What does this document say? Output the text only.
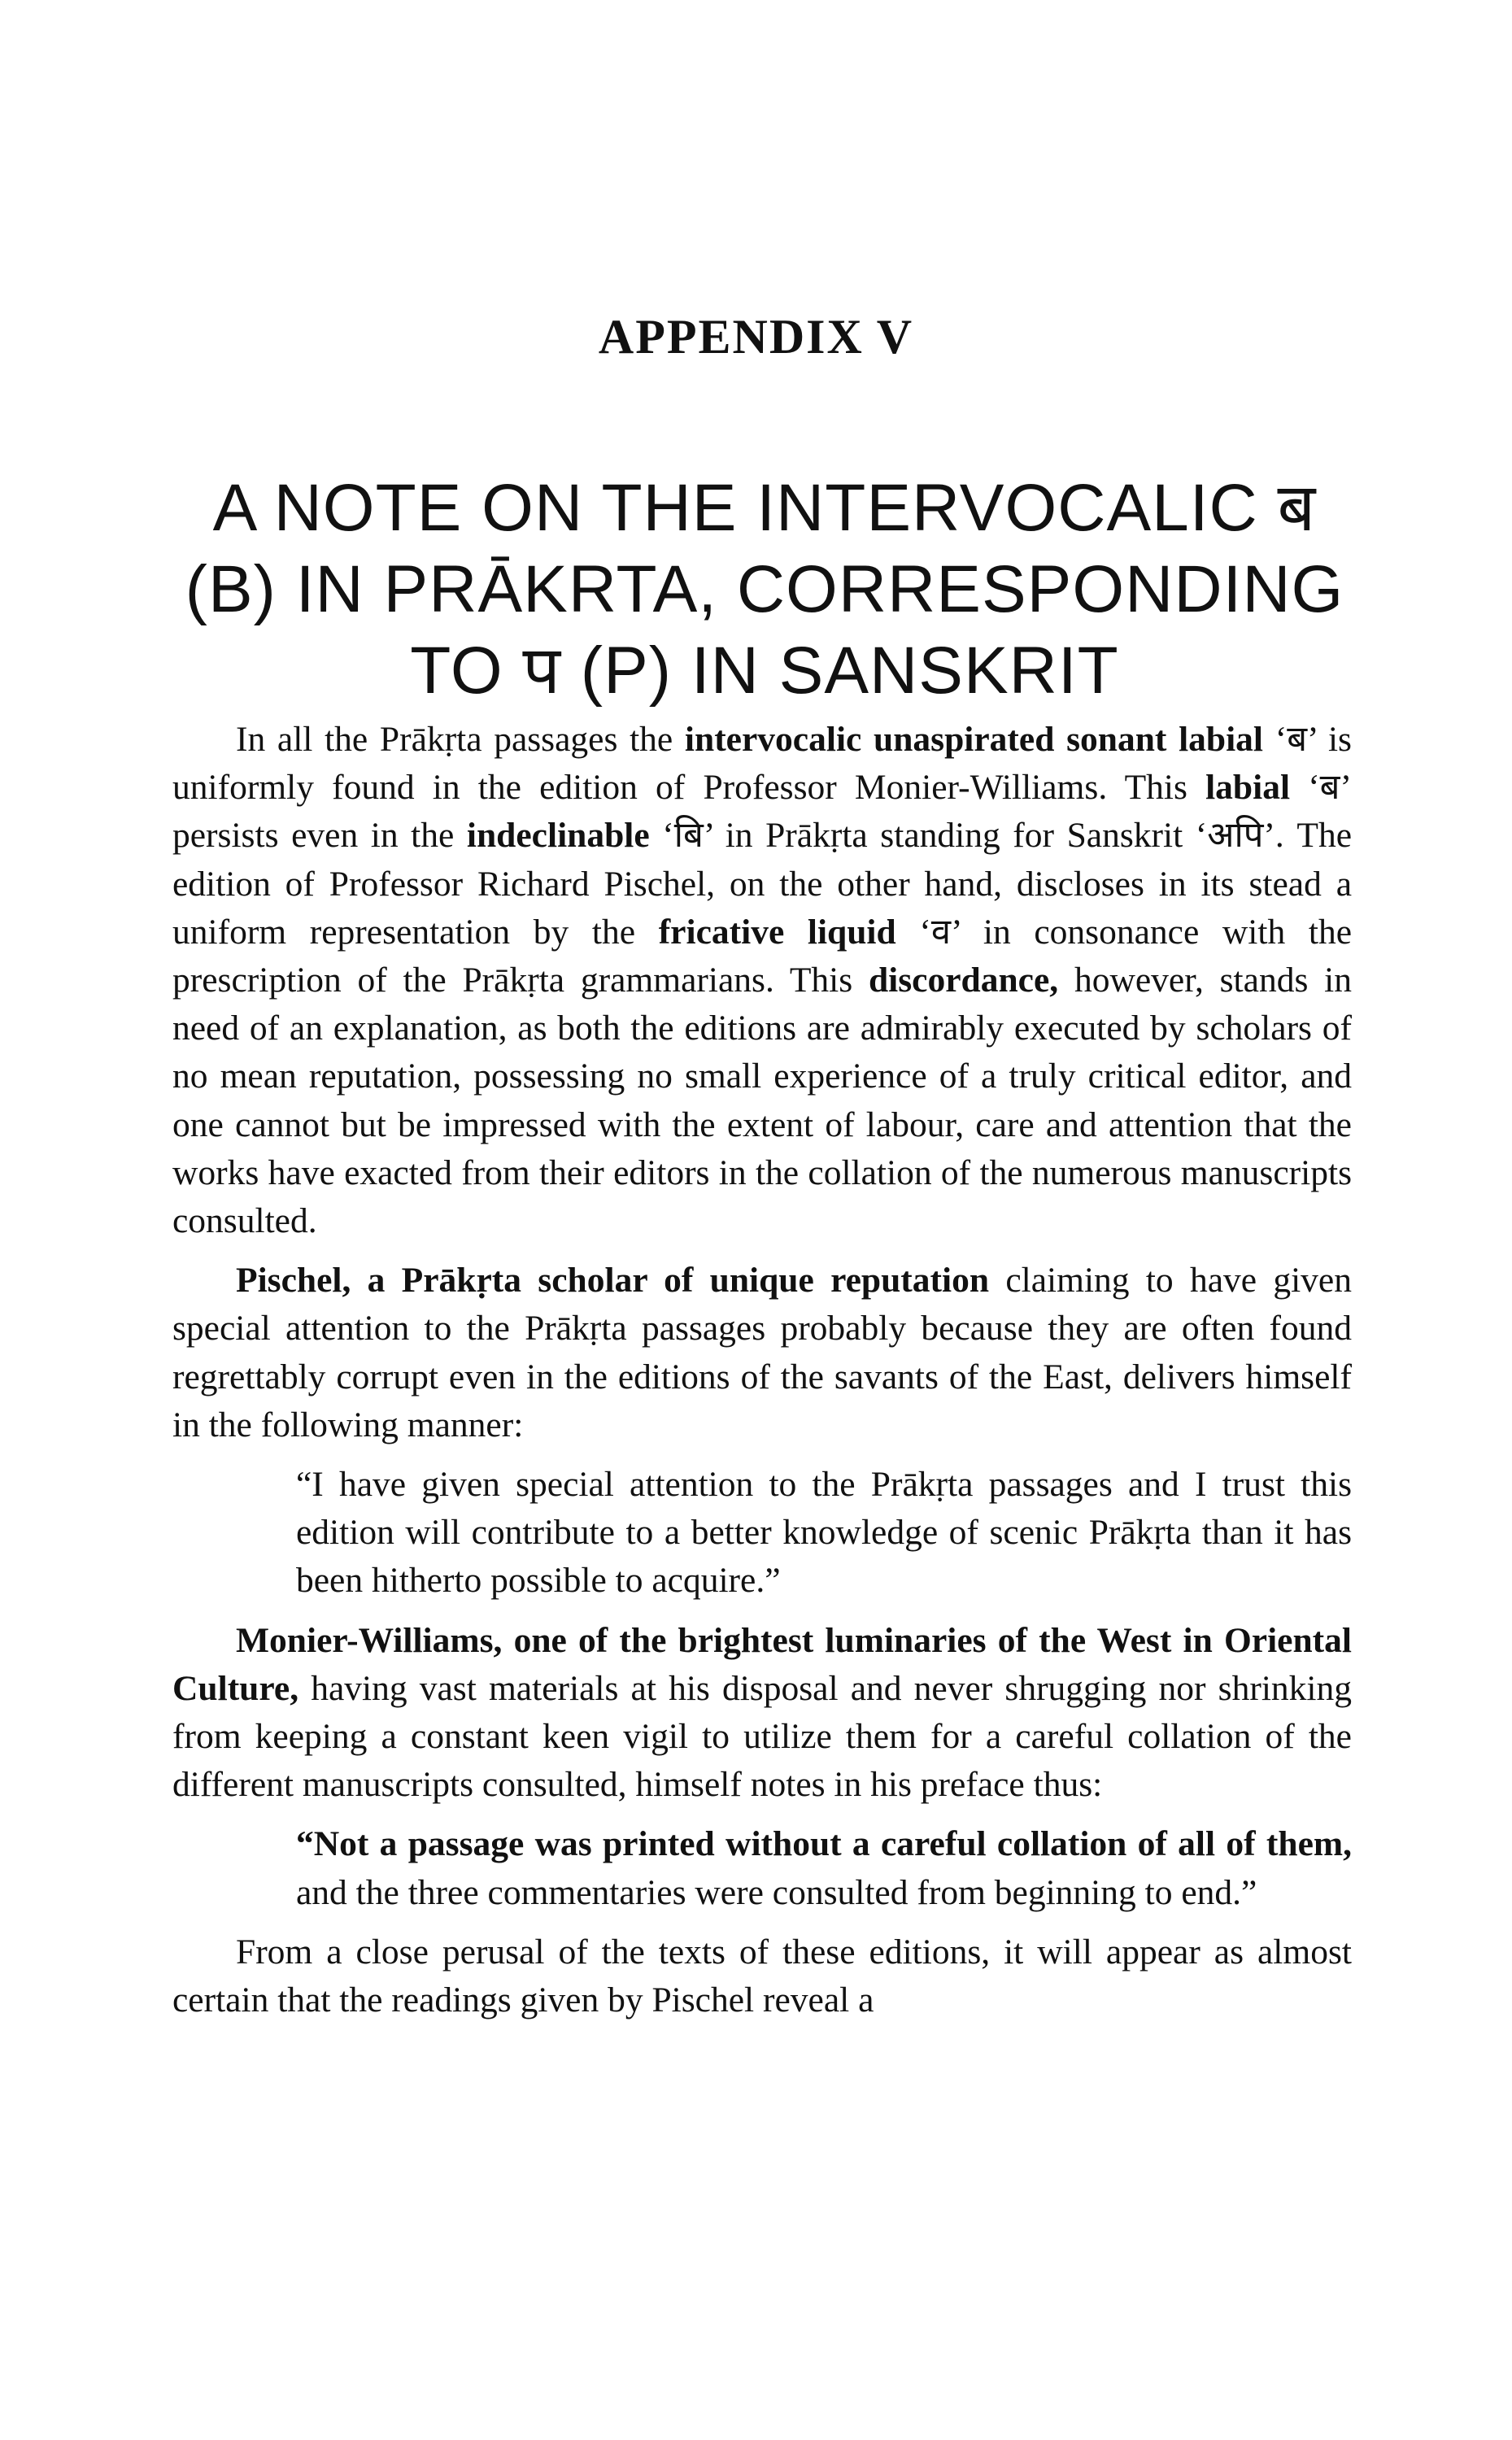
APPENDIX V
A NOTE ON THE INTERVOCALIC ब
(B) IN PRĀKRTA, CORRESPONDING
TO प (P) IN SANSKRIT

In all the Prākṛta passages the intervocalic unaspirated sonant labial ‘ब’ is uniformly found in the edition of Professor Monier-Williams. This labial ‘ब’ persists even in the indeclinable ‘बि’ in Prākṛta standing for Sanskrit ‘अपि’. The edition of Professor Richard Pischel, on the other hand, discloses in its stead a uniform representation by the fricative liquid ‘व’ in consonance with the prescription of the Prākṛta grammarians. This discordance, however, stands in need of an explanation, as both the editions are admirably executed by scholars of no mean reputation, possessing no small experience of a truly critical editor, and one cannot but be impressed with the extent of labour, care and attention that the works have exacted from their editors in the collation of the numerous manuscripts consulted.

Pischel, a Prākṛta scholar of unique reputation claiming to have given special attention to the Prākṛta passages probably because they are often found regrettably corrupt even in the editions of the savants of the East, delivers himself in the following manner:

“I have given special attention to the Prākṛta passages and I trust this edition will contribute to a better knowledge of scenic Prākṛta than it has been hitherto possible to acquire.”

Monier-Williams, one of the brightest luminaries of the West in Oriental Culture, having vast materials at his disposal and never shrugging nor shrinking from keeping a constant keen vigil to utilize them for a careful collation of the different manuscripts consulted, himself notes in his preface thus:

“Not a passage was printed without a careful collation of all of them, and the three commentaries were consulted from beginning to end.”

From a close perusal of the texts of these editions, it will appear as almost certain that the readings given by Pischel reveal a
